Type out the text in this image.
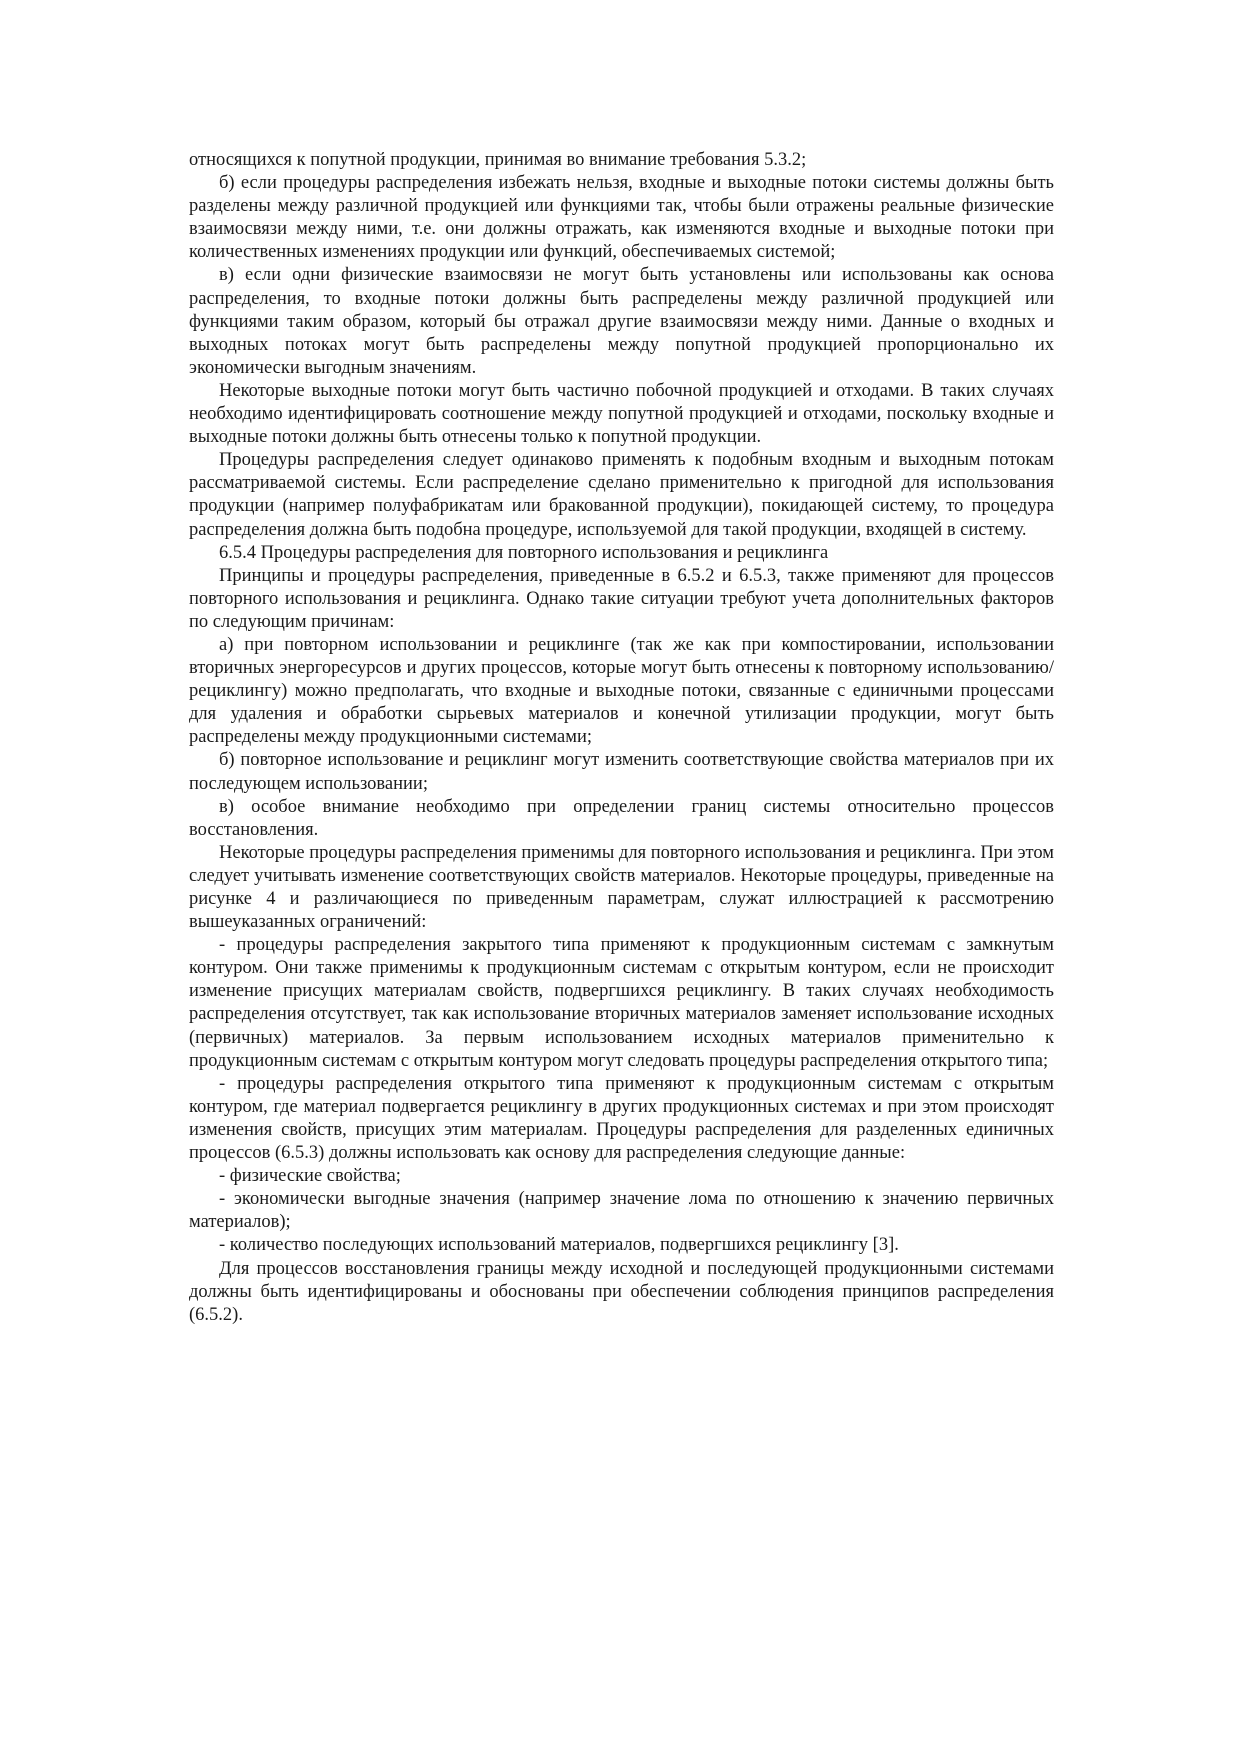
относящихся к попутной продукции, принимая во внимание требования 5.3.2;

б) если процедуры распределения избежать нельзя, входные и выходные потоки системы должны быть разделены между различной продукцией или функциями так, чтобы были отражены реальные физические взаимосвязи между ними, т.е. они должны отражать, как изменяются входные и выходные потоки при количественных изменениях продукции или функций, обеспечиваемых системой;

в) если одни физические взаимосвязи не могут быть установлены или использованы как основа распределения, то входные потоки должны быть распределены между различной продукцией или функциями таким образом, который бы отражал другие взаимосвязи между ними. Данные о входных и выходных потоках могут быть распределены между попутной продукцией пропорционально их экономически выгодным значениям.

Некоторые выходные потоки могут быть частично побочной продукцией и отходами. В таких случаях необходимо идентифицировать соотношение между попутной продукцией и отходами, поскольку входные и выходные потоки должны быть отнесены только к попутной продукции.

Процедуры распределения следует одинаково применять к подобным входным и выходным потокам рассматриваемой системы. Если распределение сделано применительно к пригодной для использования продукции (например полуфабрикатам или бракованной продукции), покидающей систему, то процедура распределения должна быть подобна процедуре, используемой для такой продукции, входящей в систему.

6.5.4 Процедуры распределения для повторного использования и рециклинга

Принципы и процедуры распределения, приведенные в 6.5.2 и 6.5.3, также применяют для процессов повторного использования и рециклинга. Однако такие ситуации требуют учета дополнительных факторов по следующим причинам:

а) при повторном использовании и рециклинге (так же как при компостировании, использовании вторичных энергоресурсов и других процессов, которые могут быть отнесены к повторному использованию/рециклингу) можно предполагать, что входные и выходные потоки, связанные с единичными процессами для удаления и обработки сырьевых материалов и конечной утилизации продукции, могут быть распределены между продукционными системами;

б) повторное использование и рециклинг могут изменить соответствующие свойства материалов при их последующем использовании;

в) особое внимание необходимо при определении границ системы относительно процессов восстановления.

Некоторые процедуры распределения применимы для повторного использования и рециклинга. При этом следует учитывать изменение соответствующих свойств материалов. Некоторые процедуры, приведенные на рисунке 4 и различающиеся по приведенным параметрам, служат иллюстрацией к рассмотрению вышеуказанных ограничений:

- процедуры распределения закрытого типа применяют к продукционным системам с замкнутым контуром. Они также применимы к продукционным системам с открытым контуром, если не происходит изменение присущих материалам свойств, подвергшихся рециклингу. В таких случаях необходимость распределения отсутствует, так как использование вторичных материалов заменяет использование исходных (первичных) материалов. За первым использованием исходных материалов применительно к продукционным системам с открытым контуром могут следовать процедуры распределения открытого типа;

- процедуры распределения открытого типа применяют к продукционным системам с открытым контуром, где материал подвергается рециклингу в других продукционных системах и при этом происходят изменения свойств, присущих этим материалам. Процедуры распределения для разделенных единичных процессов (6.5.3) должны использовать как основу для распределения следующие данные:

- физические свойства;

- экономически выгодные значения (например значение лома по отношению к значению первичных материалов);

- количество последующих использований материалов, подвергшихся рециклингу [3].

Для процессов восстановления границы между исходной и последующей продукционными системами должны быть идентифицированы и обоснованы при обеспечении соблюдения принципов распределения (6.5.2).
